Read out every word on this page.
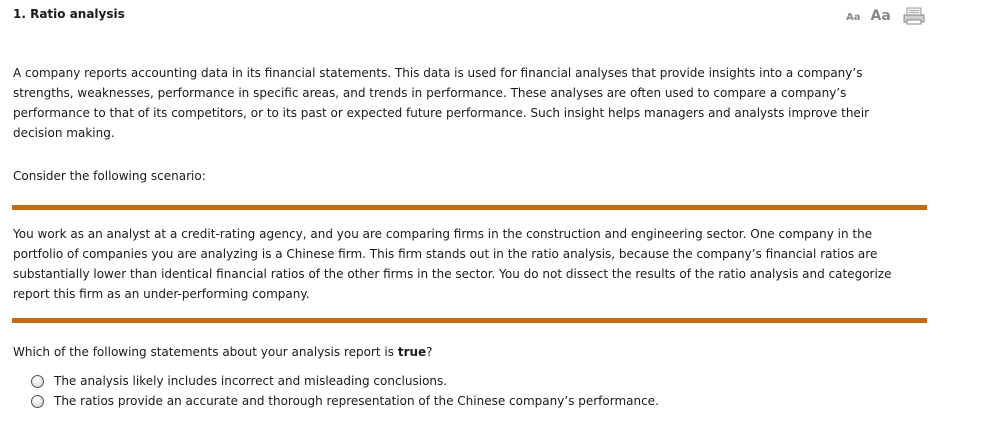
1. Ratio analysis	Aa Aa
A company reports accounting data in its financial statements. This data is used for financial analyses that provide insights into a company’s strengths, weaknesses, performance in specific areas, and trends in performance. These analyses are often used to compare a company’s performance to that of its competitors, or to its past or expected future performance. Such insight helps managers and analysts improve their decision making.
Consider the following scenario:
You work as an analyst at a credit-rating agency, and you are comparing firms in the construction and engineering sector. One company in the portfolio of companies you are analyzing is a Chinese firm. This firm stands out in the ratio analysis, because the company’s financial ratios are substantially lower than identical financial ratios of the other firms in the sector. You do not dissect the results of the ratio analysis and categorize report this firm as an under-performing company.
Which of the following statements about your analysis report is true?
The analysis likely includes incorrect and misleading conclusions.
The ratios provide an accurate and thorough representation of the Chinese company’s performance.
